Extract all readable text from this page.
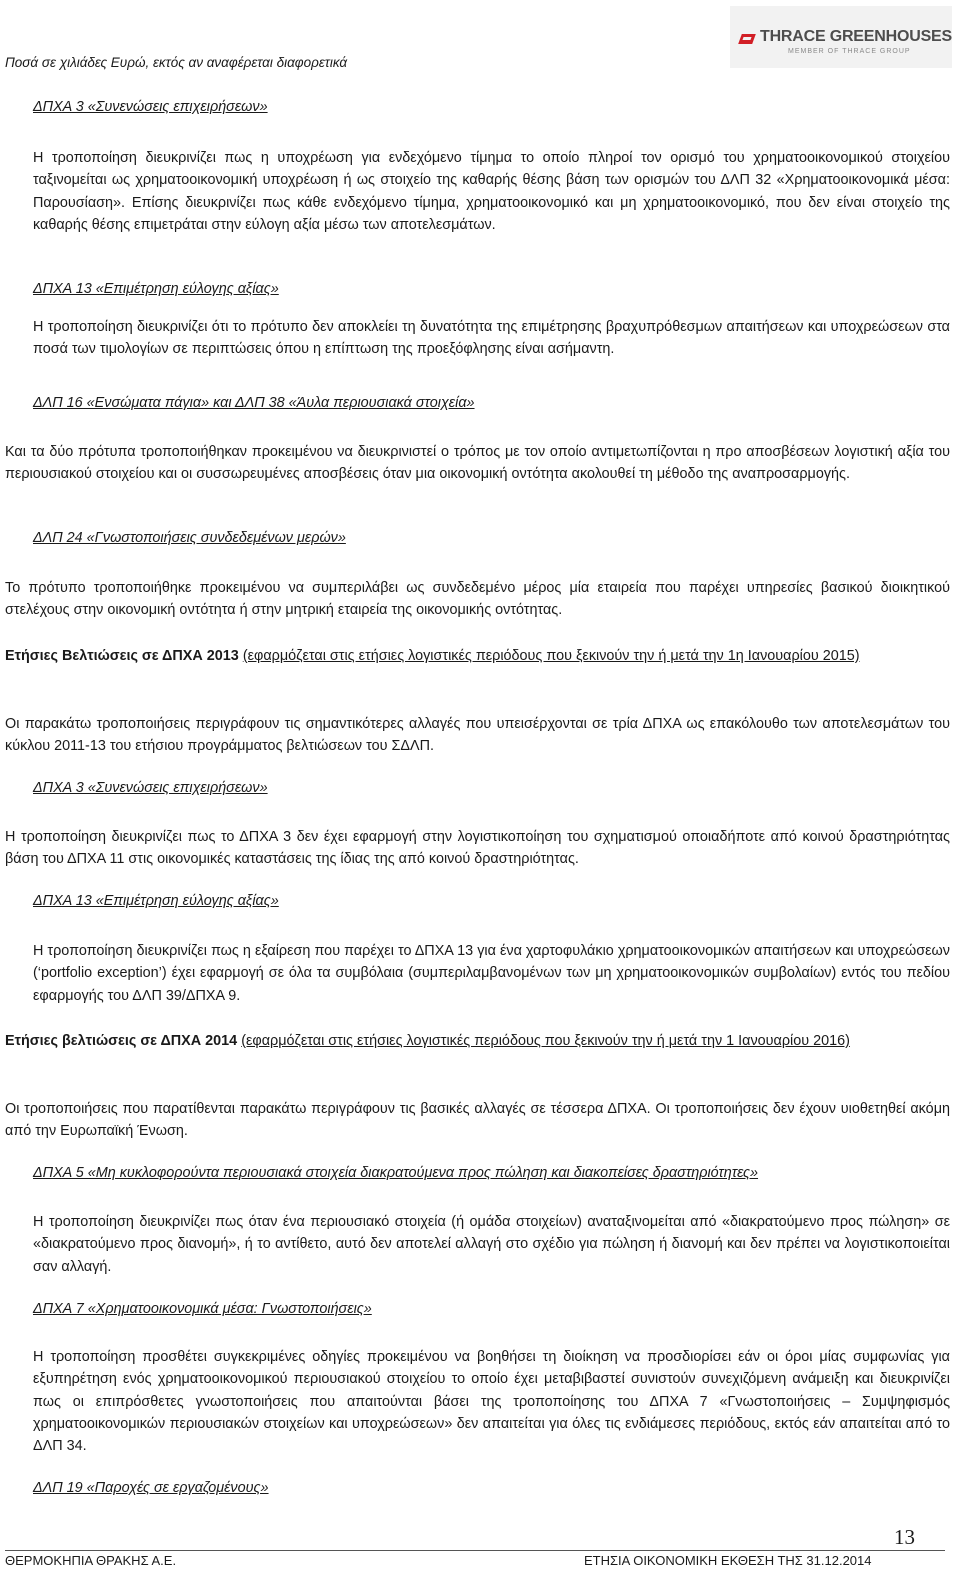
Ποσά σε χιλιάδες Ευρώ, εκτός αν αναφέρεται διαφορετικά
THRACE GREENHOUSES
MEMBER OF THRACE GROUP

ΔΠΧΑ 3 «Συνενώσεις επιχειρήσεων»

Η τροποποίηση διευκρινίζει πως η υποχρέωση για ενδεχόμενο τίμημα το οποίο πληροί τον ορισμό του χρηματοοικονομικού στοιχείου ταξινομείται ως χρηματοοικονομική υποχρέωση ή ως στοιχείο της καθαρής θέσης βάση των ορισμών του ΔΛΠ 32 «Χρηματοοικονομικά μέσα: Παρουσίαση». Επίσης διευκρινίζει πως κάθε ενδεχόμενο τίμημα, χρηματοοικονομικό και μη χρηματοοικονομικό, που δεν είναι στοιχείο της καθαρής θέσης επιμετράται στην εύλογη αξία μέσω των αποτελεσμάτων.

ΔΠΧΑ 13 «Επιμέτρηση εύλογης αξίας»

Η τροποποίηση διευκρινίζει ότι το πρότυπο δεν αποκλείει τη δυνατότητα της επιμέτρησης βραχυπρόθεσμων απαιτήσεων και υποχρεώσεων στα ποσά των τιμολογίων σε περιπτώσεις όπου η επίπτωση της προεξόφλησης είναι ασήμαντη.

ΔΛΠ 16 «Ενσώματα πάγια» και ΔΛΠ 38 «Άυλα περιουσιακά στοιχεία»

Και τα δύο πρότυπα τροποποιήθηκαν προκειμένου να διευκρινιστεί ο τρόπος με τον οποίο αντιμετωπίζονται η προ αποσβέσεων λογιστική αξία του περιουσιακού στοιχείου και οι συσσωρευμένες αποσβέσεις όταν μια οικονομική οντότητα ακολουθεί τη μέθοδο της αναπροσαρμογής.

ΔΛΠ 24 «Γνωστοποιήσεις συνδεδεμένων μερών»

Το πρότυπο τροποποιήθηκε προκειμένου να συμπεριλάβει ως συνδεδεμένο μέρος μία εταιρεία που παρέχει υπηρεσίες βασικού διοικητικού στελέχους στην οικονομική οντότητα ή στην μητρική εταιρεία της οικονομικής οντότητας.

Ετήσιες Βελτιώσεις σε ΔΠΧΑ 2013 (εφαρμόζεται στις ετήσιες λογιστικές περιόδους που ξεκινούν την ή μετά την 1η Ιανουαρίου 2015)

Οι παρακάτω τροποποιήσεις περιγράφουν τις σημαντικότερες αλλαγές που υπεισέρχονται σε τρία ΔΠΧΑ ως επακόλουθο των αποτελεσμάτων του κύκλου 2011-13 του ετήσιου προγράμματος βελτιώσεων του ΣΔΛΠ.

ΔΠΧΑ 3 «Συνενώσεις επιχειρήσεων»

Η τροποποίηση διευκρινίζει πως το ΔΠΧΑ 3 δεν έχει εφαρμογή στην λογιστικοποίηση του σχηματισμού οποιαδήποτε από κοινού δραστηριότητας βάση του ΔΠΧΑ 11 στις οικονομικές καταστάσεις της ίδιας της από κοινού δραστηριότητας.

ΔΠΧΑ 13 «Επιμέτρηση εύλογης αξίας»

Η τροποποίηση διευκρινίζει πως η εξαίρεση που παρέχει το ΔΠΧΑ 13 για ένα χαρτοφυλάκιο χρηματοοικονομικών απαιτήσεων και υποχρεώσεων (‘portfolio exception’) έχει εφαρμογή σε όλα τα συμβόλαια (συμπεριλαμβανομένων των μη χρηματοοικονομικών συμβολαίων) εντός του πεδίου εφαρμογής του ΔΛΠ 39/ΔΠΧΑ 9.

Ετήσιες βελτιώσεις σε ΔΠΧΑ 2014 (εφαρμόζεται στις ετήσιες λογιστικές περιόδους που ξεκινούν την ή μετά την 1 Ιανουαρίου 2016)

Οι τροποποιήσεις που παρατίθενται παρακάτω περιγράφουν τις βασικές αλλαγές σε τέσσερα ΔΠΧΑ. Οι τροποποιήσεις δεν έχουν υιοθετηθεί ακόμη από την Ευρωπαϊκή Ένωση.

ΔΠΧΑ 5 «Μη κυκλοφορούντα περιουσιακά στοιχεία διακρατούμενα προς πώληση και διακοπείσες δραστηριότητες»

Η τροποποίηση διευκρινίζει πως όταν ένα περιουσιακό στοιχεία (ή ομάδα στοιχείων) αναταξινομείται από «διακρατούμενο προς πώληση» σε «διακρατούμενο προς διανομή», ή το αντίθετο, αυτό δεν αποτελεί αλλαγή στο σχέδιο για πώληση ή διανομή και δεν πρέπει να λογιστικοποιείται σαν αλλαγή.

ΔΠΧΑ 7 «Χρηματοοικονομικά μέσα: Γνωστοποιήσεις»

Η τροποποίηση προσθέτει συγκεκριμένες οδηγίες προκειμένου να βοηθήσει τη διοίκηση να προσδιορίσει εάν οι όροι μίας συμφωνίας για εξυπηρέτηση ενός χρηματοοικονομικού περιουσιακού στοιχείου το οποίο έχει μεταβιβαστεί συνιστούν συνεχιζόμενη ανάμειξη και διευκρινίζει πως οι επιπρόσθετες γνωστοποιήσεις που απαιτούνται βάσει της τροποποίησης του ΔΠΧΑ 7 «Γνωστοποιήσεις – Συμψηφισμός χρηματοοικονομικών περιουσιακών στοιχείων και υποχρεώσεων» δεν απαιτείται για όλες τις ενδιάμεσες περιόδους, εκτός εάν απαιτείται από το ΔΛΠ 34.

ΔΛΠ 19 «Παροχές σε εργαζομένους»

13
ΘΕΡΜΟΚΗΠΙΑ ΘΡΑΚΗΣ Α.Ε.	ΕΤΗΣΙΑ ΟΙΚΟΝΟΜΙΚΗ ΕΚΘΕΣΗ ΤΗΣ 31.12.2014
